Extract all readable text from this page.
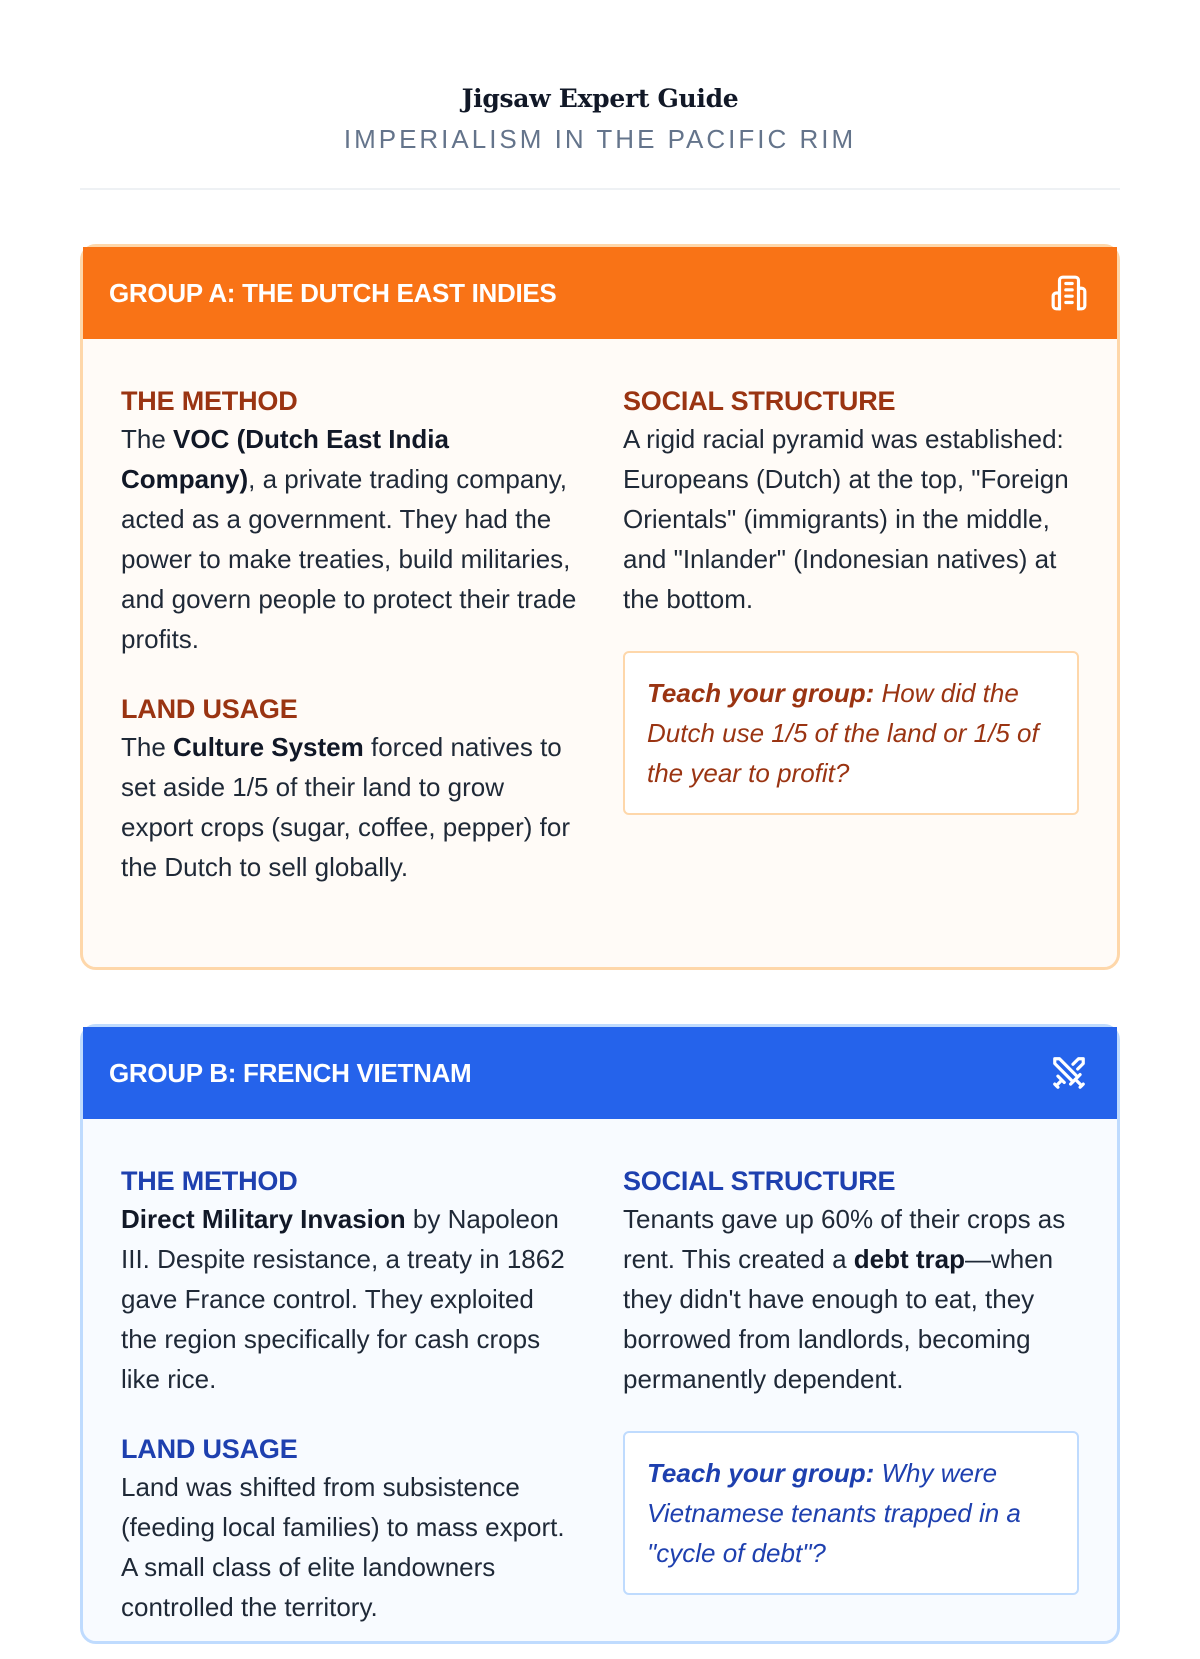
Jigsaw Expert Guide
IMPERIALISM IN THE PACIFIC RIM
GROUP A: THE DUTCH EAST INDIES
THE METHOD
The VOC (Dutch East India Company), a private trading company, acted as a government. They had the power to make treaties, build militaries, and govern people to protect their trade profits.
LAND USAGE
The Culture System forced natives to set aside 1/5 of their land to grow export crops (sugar, coffee, pepper) for the Dutch to sell globally.
SOCIAL STRUCTURE
A rigid racial pyramid was established: Europeans (Dutch) at the top, "Foreign Orientals" (immigrants) in the middle, and "Inlander" (Indonesian natives) at the bottom.
Teach your group: How did the Dutch use 1/5 of the land or 1/5 of the year to profit?
GROUP B: FRENCH VIETNAM
THE METHOD
Direct Military Invasion by Napoleon III. Despite resistance, a treaty in 1862 gave France control. They exploited the region specifically for cash crops like rice.
LAND USAGE
Land was shifted from subsistence (feeding local families) to mass export. A small class of elite landowners controlled the territory.
SOCIAL STRUCTURE
Tenants gave up 60% of their crops as rent. This created a debt trap—when they didn't have enough to eat, they borrowed from landlords, becoming permanently dependent.
Teach your group: Why were Vietnamese tenants trapped in a "cycle of debt"?
